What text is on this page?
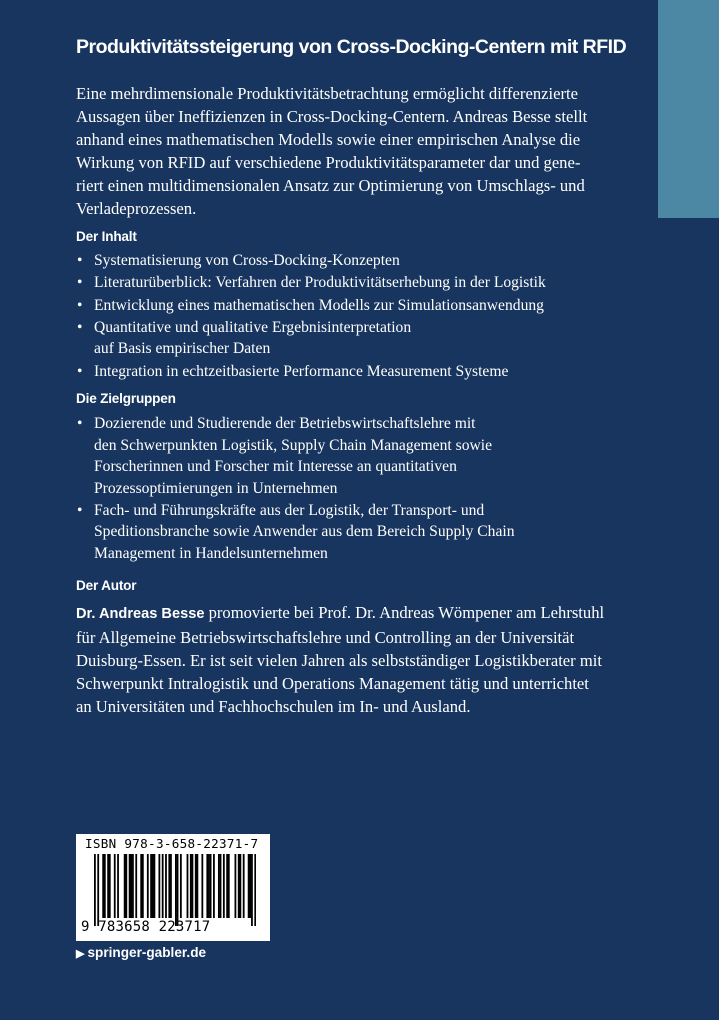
Produktivitätssteigerung von Cross-Docking-Centern mit RFID
Eine mehrdimensionale Produktivitätsbetrachtung ermöglicht differenzierte
Aussagen über Ineffizienzen in Cross-Docking-Centern. Andreas Besse stellt
anhand eines mathematischen Modells sowie einer empirischen Analyse die
Wirkung von RFID auf verschiedene Produktivitätsparameter dar und gene-
riert einen multidimensionalen Ansatz zur Optimierung von Umschlags- und
Verladeprozessen.
Der Inhalt
• Systematisierung von Cross-Docking-Konzepten
• Literaturüberblick: Verfahren der Produktivitätserhebung in der Logistik
• Entwicklung eines mathematischen Modells zur Simulationsanwendung
• Quantitative und qualitative Ergebnisinterpretation
auf Basis empirischer Daten
• Integration in echtzeitbasierte Performance Measurement Systeme
Die Zielgruppen
• Dozierende und Studierende der Betriebswirtschaftslehre mit
den Schwerpunkten Logistik, Supply Chain Management sowie
Forscherinnen und Forscher mit Interesse an quantitativen
Prozessoptimierungen in Unternehmen
• Fach- und Führungskräfte aus der Logistik, der Transport- und
Speditionsbranche sowie Anwender aus dem Bereich Supply Chain
Management in Handelsunternehmen
Der Autor
Dr. Andreas Besse promovierte bei Prof. Dr. Andreas Wömpener am Lehrstuhl
für Allgemeine Betriebswirtschaftslehre und Controlling an der Universität
Duisburg-Essen. Er ist seit vielen Jahren als selbstständiger Logistikberater mit
Schwerpunkt Intralogistik und Operations Management tätig und unterrichtet
an Universitäten und Fachhochschulen im In- und Ausland.
ISBN 978-3-658-22371-7
9 783658 223717
▶ springer-gabler.de
